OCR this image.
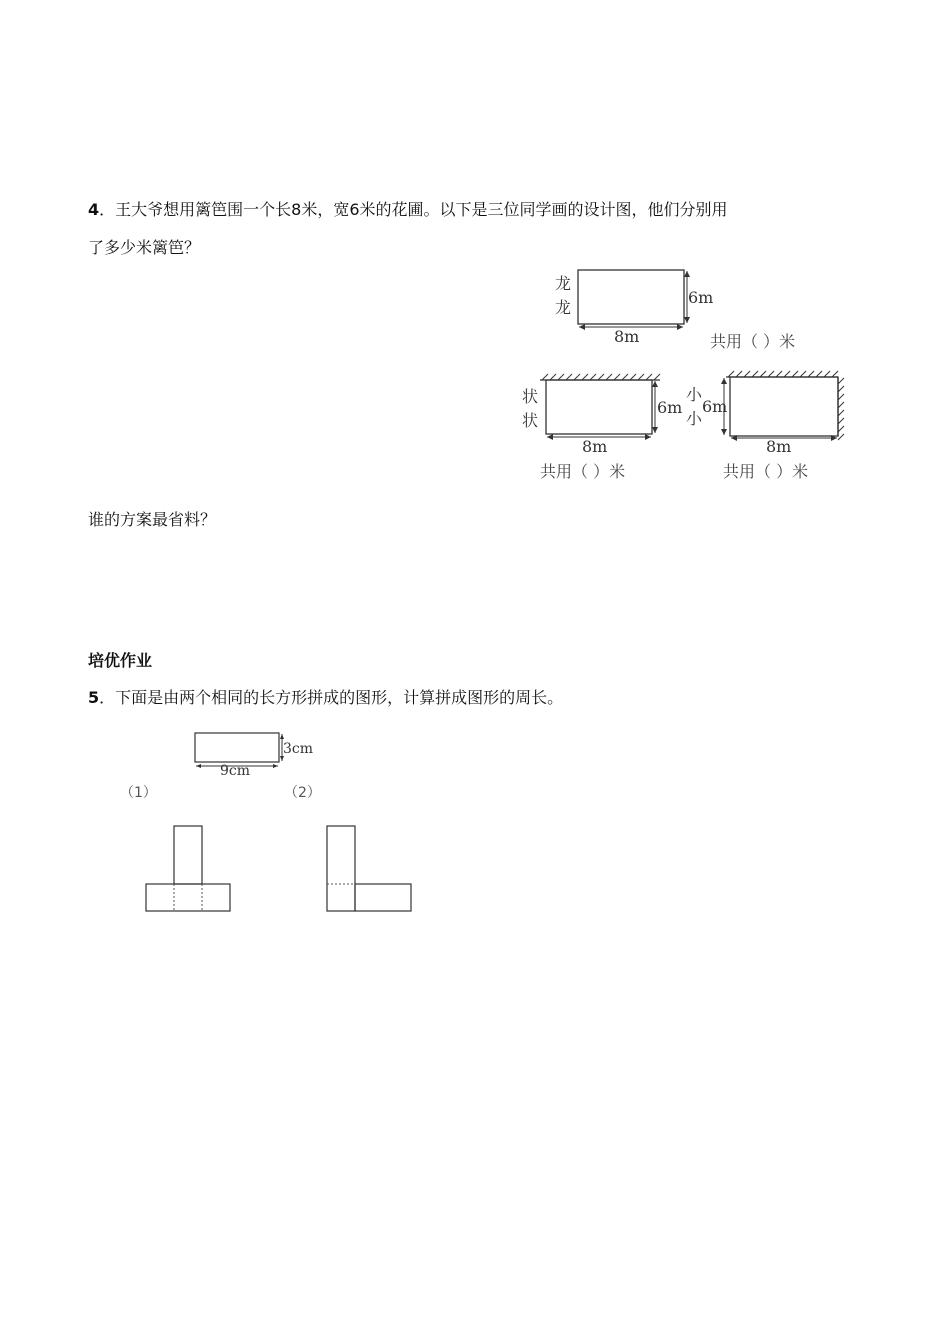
4．王大爷想用篱笆围一个长8米，宽6米的花圃。以下是三位同学画的设计图，他们分别用
了多少米篱笆？
龙
龙
6m
8m	共用（ ）米
状
状
6m
8m
共用（ ）米
小
小
6m
8m
共用（ ）米
谁的方案最省料？
培优作业
5．下面是由两个相同的长方形拼成的图形，计算拼成图形的周长。
3cm
9cm
（1）	（2）
